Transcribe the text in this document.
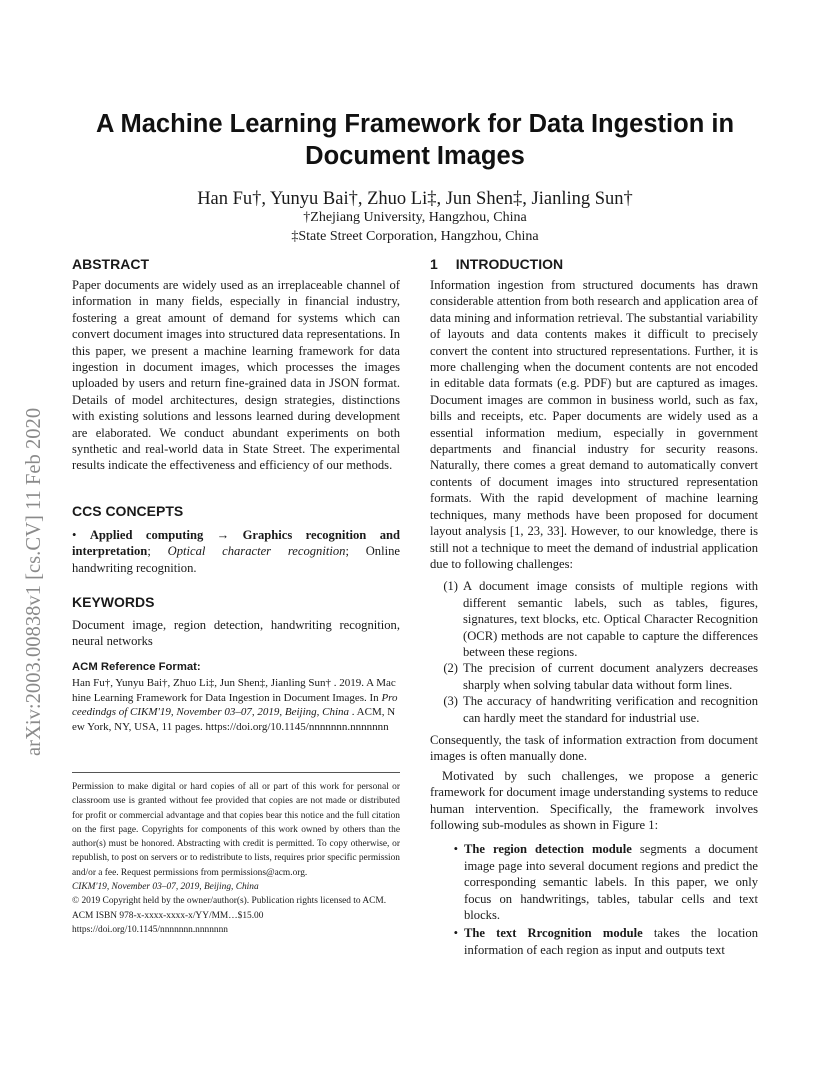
arXiv:2003.00838v1 [cs.CV] 11 Feb 2020
A Machine Learning Framework for Data Ingestion in Document Images
Han Fu†, Yunyu Bai†, Zhuo Li‡, Jun Shen‡, Jianling Sun†
†Zhejiang University, Hangzhou, China
‡State Street Corporation, Hangzhou, China
ABSTRACT

Paper documents are widely used as an irreplaceable channel of information in many fields, especially in financial industry, fostering a great amount of demand for systems which can convert document images into structured data representations. In this paper, we present a machine learning framework for data ingestion in document images, which processes the images uploaded by users and return fine-grained data in JSON format. Details of model architectures, design strategies, distinctions with existing solutions and lessons learned during development are elaborated. We conduct abundant experiments on both synthetic and real-world data in State Street. The experimental results indicate the effectiveness and efficiency of our methods.

CCS CONCEPTS

• Applied computing → Graphics recognition and interpretation; Optical character recognition; Online handwriting recognition.

KEYWORDS

Document image, region detection, handwriting recognition, neural networks

ACM Reference Format:

Han Fu†, Yunyu Bai†, Zhuo Li‡, Jun Shen‡, Jianling Sun† . 2019. A Machine Learning Framework for Data Ingestion in Document Images. In Proceedindgs of CIKM'19, November 03–07, 2019, Beijing, China . ACM, New York, NY, USA, 11 pages. https://doi.org/10.1145/nnnnnnn.nnnnnnn

Permission to make digital or hard copies of all or part of this work for personal or classroom use is granted without fee provided that copies are not made or distributed for profit or commercial advantage and that copies bear this notice and the full citation on the first page. Copyrights for components of this work owned by others than the author(s) must be honored. Abstracting with credit is permitted. To copy otherwise, or republish, to post on servers or to redistribute to lists, requires prior specific permission and/or a fee. Request permissions from permissions@acm.org.

CIKM'19, November 03–07, 2019, Beijing, China

© 2019 Copyright held by the owner/author(s). Publication rights licensed to ACM.

ACM ISBN 978-x-xxxx-xxxx-x/YY/MM…$15.00

https://doi.org/10.1145/nnnnnnn.nnnnnnn

1 INTRODUCTION

Information ingestion from structured documents has drawn considerable attention from both research and application area of data mining and information retrieval. The substantial variability of layouts and data contents makes it difficult to precisely convert the content into structured representations. Further, it is more challenging when the document contents are not encoded in editable data formats (e.g. PDF) but are captured as images. Document images are common in business world, such as fax, bills and receipts, etc. Paper documents are widely used as a essential information medium, especially in government departments and financial industry for security reasons. Naturally, there comes a great demand to automatically convert contents of document images into structured representation formats. With the rapid development of machine learning techniques, many methods have been proposed for document layout analysis [1, 23, 33]. However, to our knowledge, there is still not a technique to meet the demand of industrial application due to following challenges:

(1) A document image consists of multiple regions with different semantic labels, such as tables, figures, signatures, text blocks, etc. Optical Character Recognition (OCR) methods are not capable to capture the differences between these regions.
(2) The precision of current document analyzers decreases sharply when solving tabular data without form lines.
(3) The accuracy of handwriting verification and recognition can hardly meet the standard for industrial use.

Consequently, the task of information extraction from document images is often manually done.

Motivated by such challenges, we propose a generic framework for document image understanding systems to reduce human intervention. Specifically, the framework involves following sub-modules as shown in Figure 1:

• The region detection module segments a document image page into several document regions and predict the corresponding semantic labels. In this paper, we only focus on handwritings, tables, tabular cells and text blocks.
• The text Rrcognition module takes the location information of each region as input and outputs text
